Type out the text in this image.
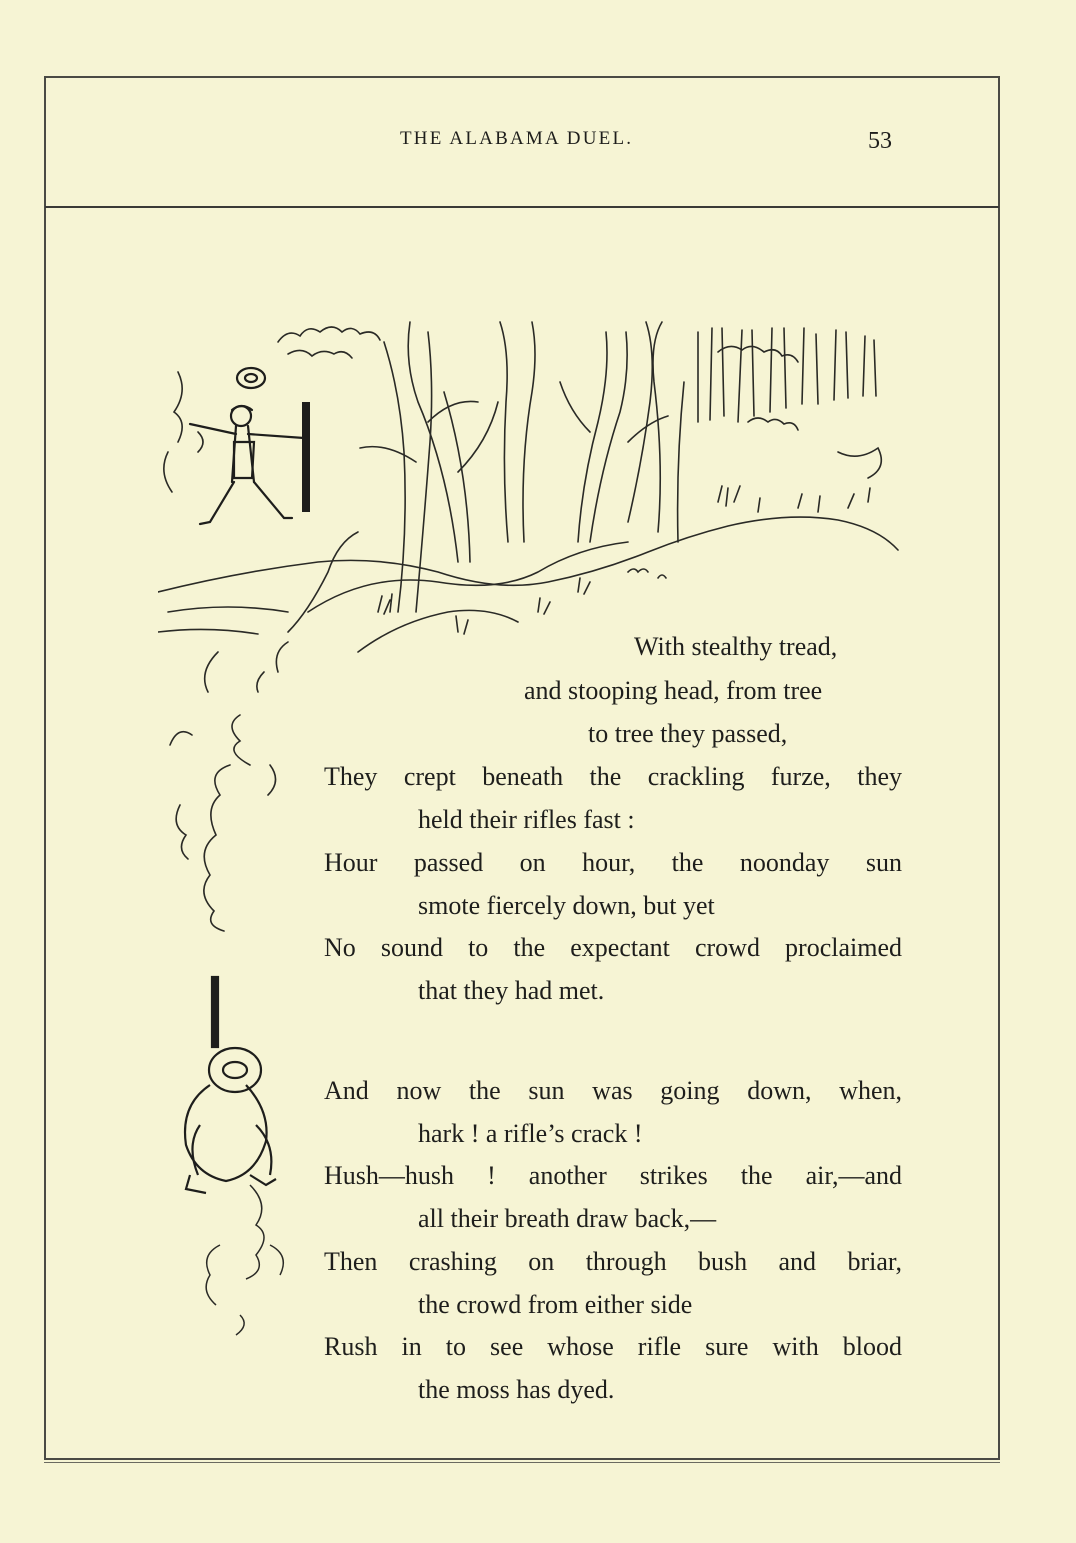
THE ALABAMA DUEL.	53
With stealthy tread,
and stooping head, from tree
to tree they passed,
They crept beneath the crackling furze, they
held their rifles fast :
Hour passed on hour, the noonday sun
smote fiercely down, but yet
No sound to the expectant crowd proclaimed
that they had met.
And now the sun was going down, when,
hark ! a rifle’s crack !
Hush—hush ! another strikes the air,—and
all their breath draw back,—
Then crashing on through bush and briar,
the crowd from either side
Rush in to see whose rifle sure with blood
the moss has dyed.
